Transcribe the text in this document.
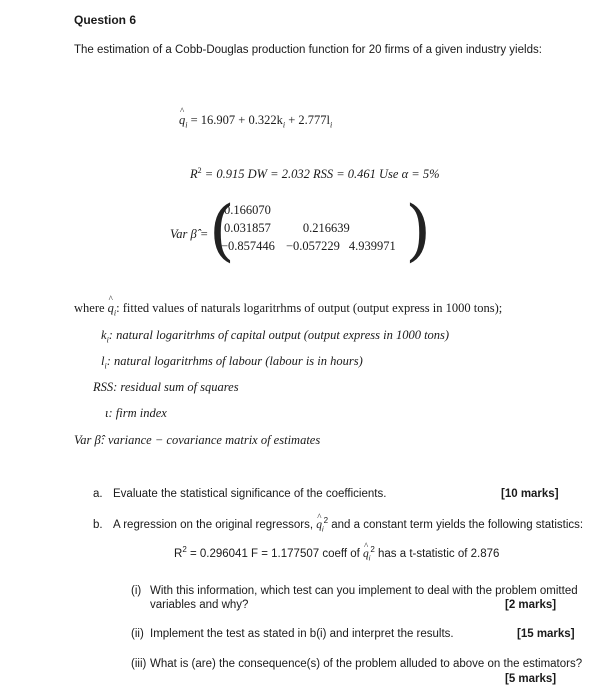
Question 6
The estimation of a Cobb-Douglas production function for 20 firms of a given industry yields:
^ $q_i = 16.907 + 0.322k_i + 2.777l_i$
$R^2 = 0.915$ DW = 2.032 RSS = 0.461 Use α = 5%
Var β̂ = (
0.166070
0.031857	0.216639
−0.857446 −0.057229 4.939971 )
where ^ $q_i$: fitted values of naturals logaritrhms of output (output express in 1000 tons);
$k_i$: natural logaritrhms of capital output (output express in 1000 tons)
$l_i$: natural logaritrhms of labour (labour is in hours)
RSS: residual sum of squares
ι: firm index
Var β̂: variance − covariance matrix of estimates
a. Evaluate the statistical significance of the coefficients.	[10 marks]
b. A regression on the original regressors, ^ $q_i^2$ and a constant term yields the following statistics:
$R^2 = 0.296041$ F = 1.177507 coeff of ^ $q_i^2$ has a t-statistic of 2.876
(i) With this information, which test can you implement to deal with the problem omitted
variables and why?	[2 marks]
(ii) Implement the test as stated in b(i) and interpret the results.	[15 marks]
(iii) What is (are) the consequence(s) of the problem alluded to above on the estimators?
[5 marks]
